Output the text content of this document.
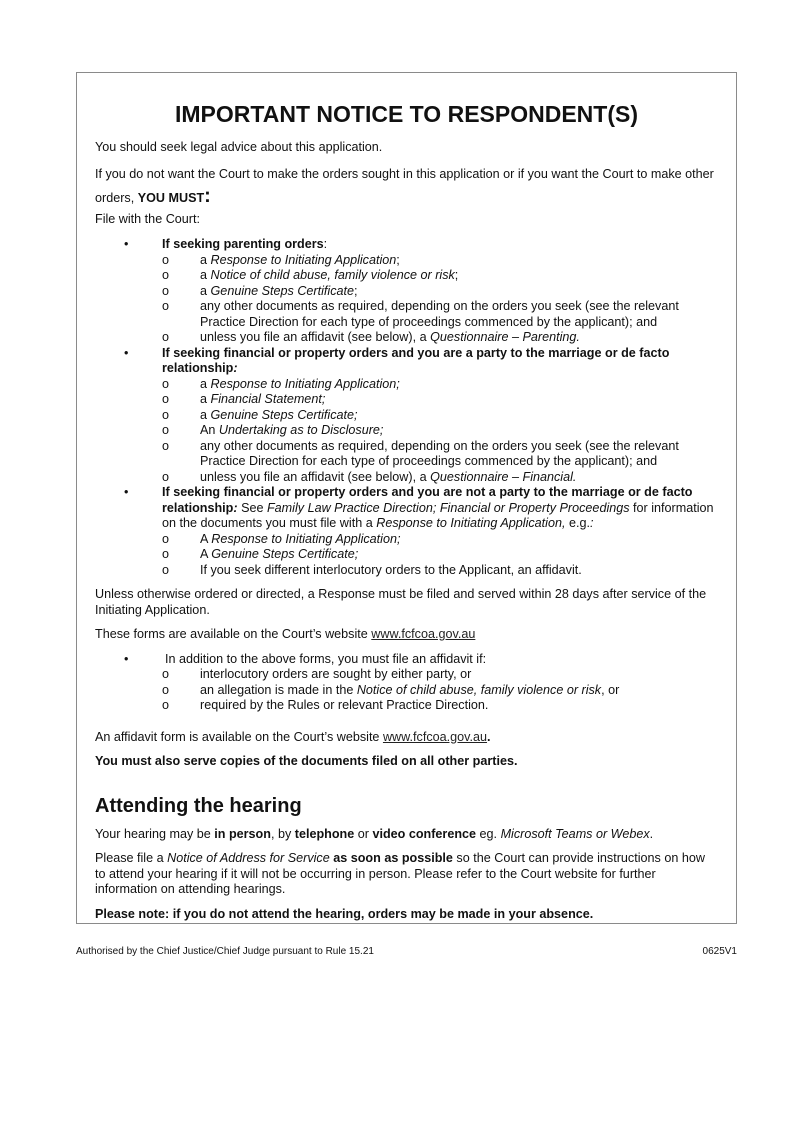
IMPORTANT NOTICE TO RESPONDENT(S)

You should seek legal advice about this application.

If you do not want the Court to make the orders sought in this application or if you want the Court to make other orders, YOU MUST:

File with the Court:

•	If seeking parenting orders:
o a Response to Initiating Application;
o a Notice of child abuse, family violence or risk;
o a Genuine Steps Certificate;
o any other documents as required, depending on the orders you seek (see the relevant Practice Direction for each type of proceedings commenced by the applicant); and
o unless you file an affidavit (see below), a Questionnaire – Parenting.
•	If seeking financial or property orders and you are a party to the marriage or de facto relationship:
o a Response to Initiating Application;
o a Financial Statement;
o a Genuine Steps Certificate;
o An Undertaking as to Disclosure;
o any other documents as required, depending on the orders you seek (see the relevant Practice Direction for each type of proceedings commenced by the applicant); and
o unless you file an affidavit (see below), a Questionnaire – Financial.
•	If seeking financial or property orders and you are not a party to the marriage or de facto relationship: See Family Law Practice Direction; Financial or Property Proceedings for information on the documents you must file with a Response to Initiating Application, e.g.:
o A Response to Initiating Application;
o A Genuine Steps Certificate;
o If you seek different interlocutory orders to the Applicant, an affidavit.

Unless otherwise ordered or directed, a Response must be filed and served within 28 days after service of the Initiating Application.

These forms are available on the Court’s website www.fcfcoa.gov.au

•	In addition to the above forms, you must file an affidavit if:
o interlocutory orders are sought by either party, or
o an allegation is made in the Notice of child abuse, family violence or risk, or
o required by the Rules or relevant Practice Direction.

An affidavit form is available on the Court’s website www.fcfcoa.gov.au.

You must also serve copies of the documents filed on all other parties.

Attending the hearing

Your hearing may be in person, by telephone or video conference eg. Microsoft Teams or Webex.

Please file a Notice of Address for Service as soon as possible so the Court can provide instructions on how to attend your hearing if it will not be occurring in person. Please refer to the Court website for further information on attending hearings.

Please note: if you do not attend the hearing, orders may be made in your absence.

Authorised by the Chief Justice/Chief Judge pursuant to Rule 15.21	0625V1
